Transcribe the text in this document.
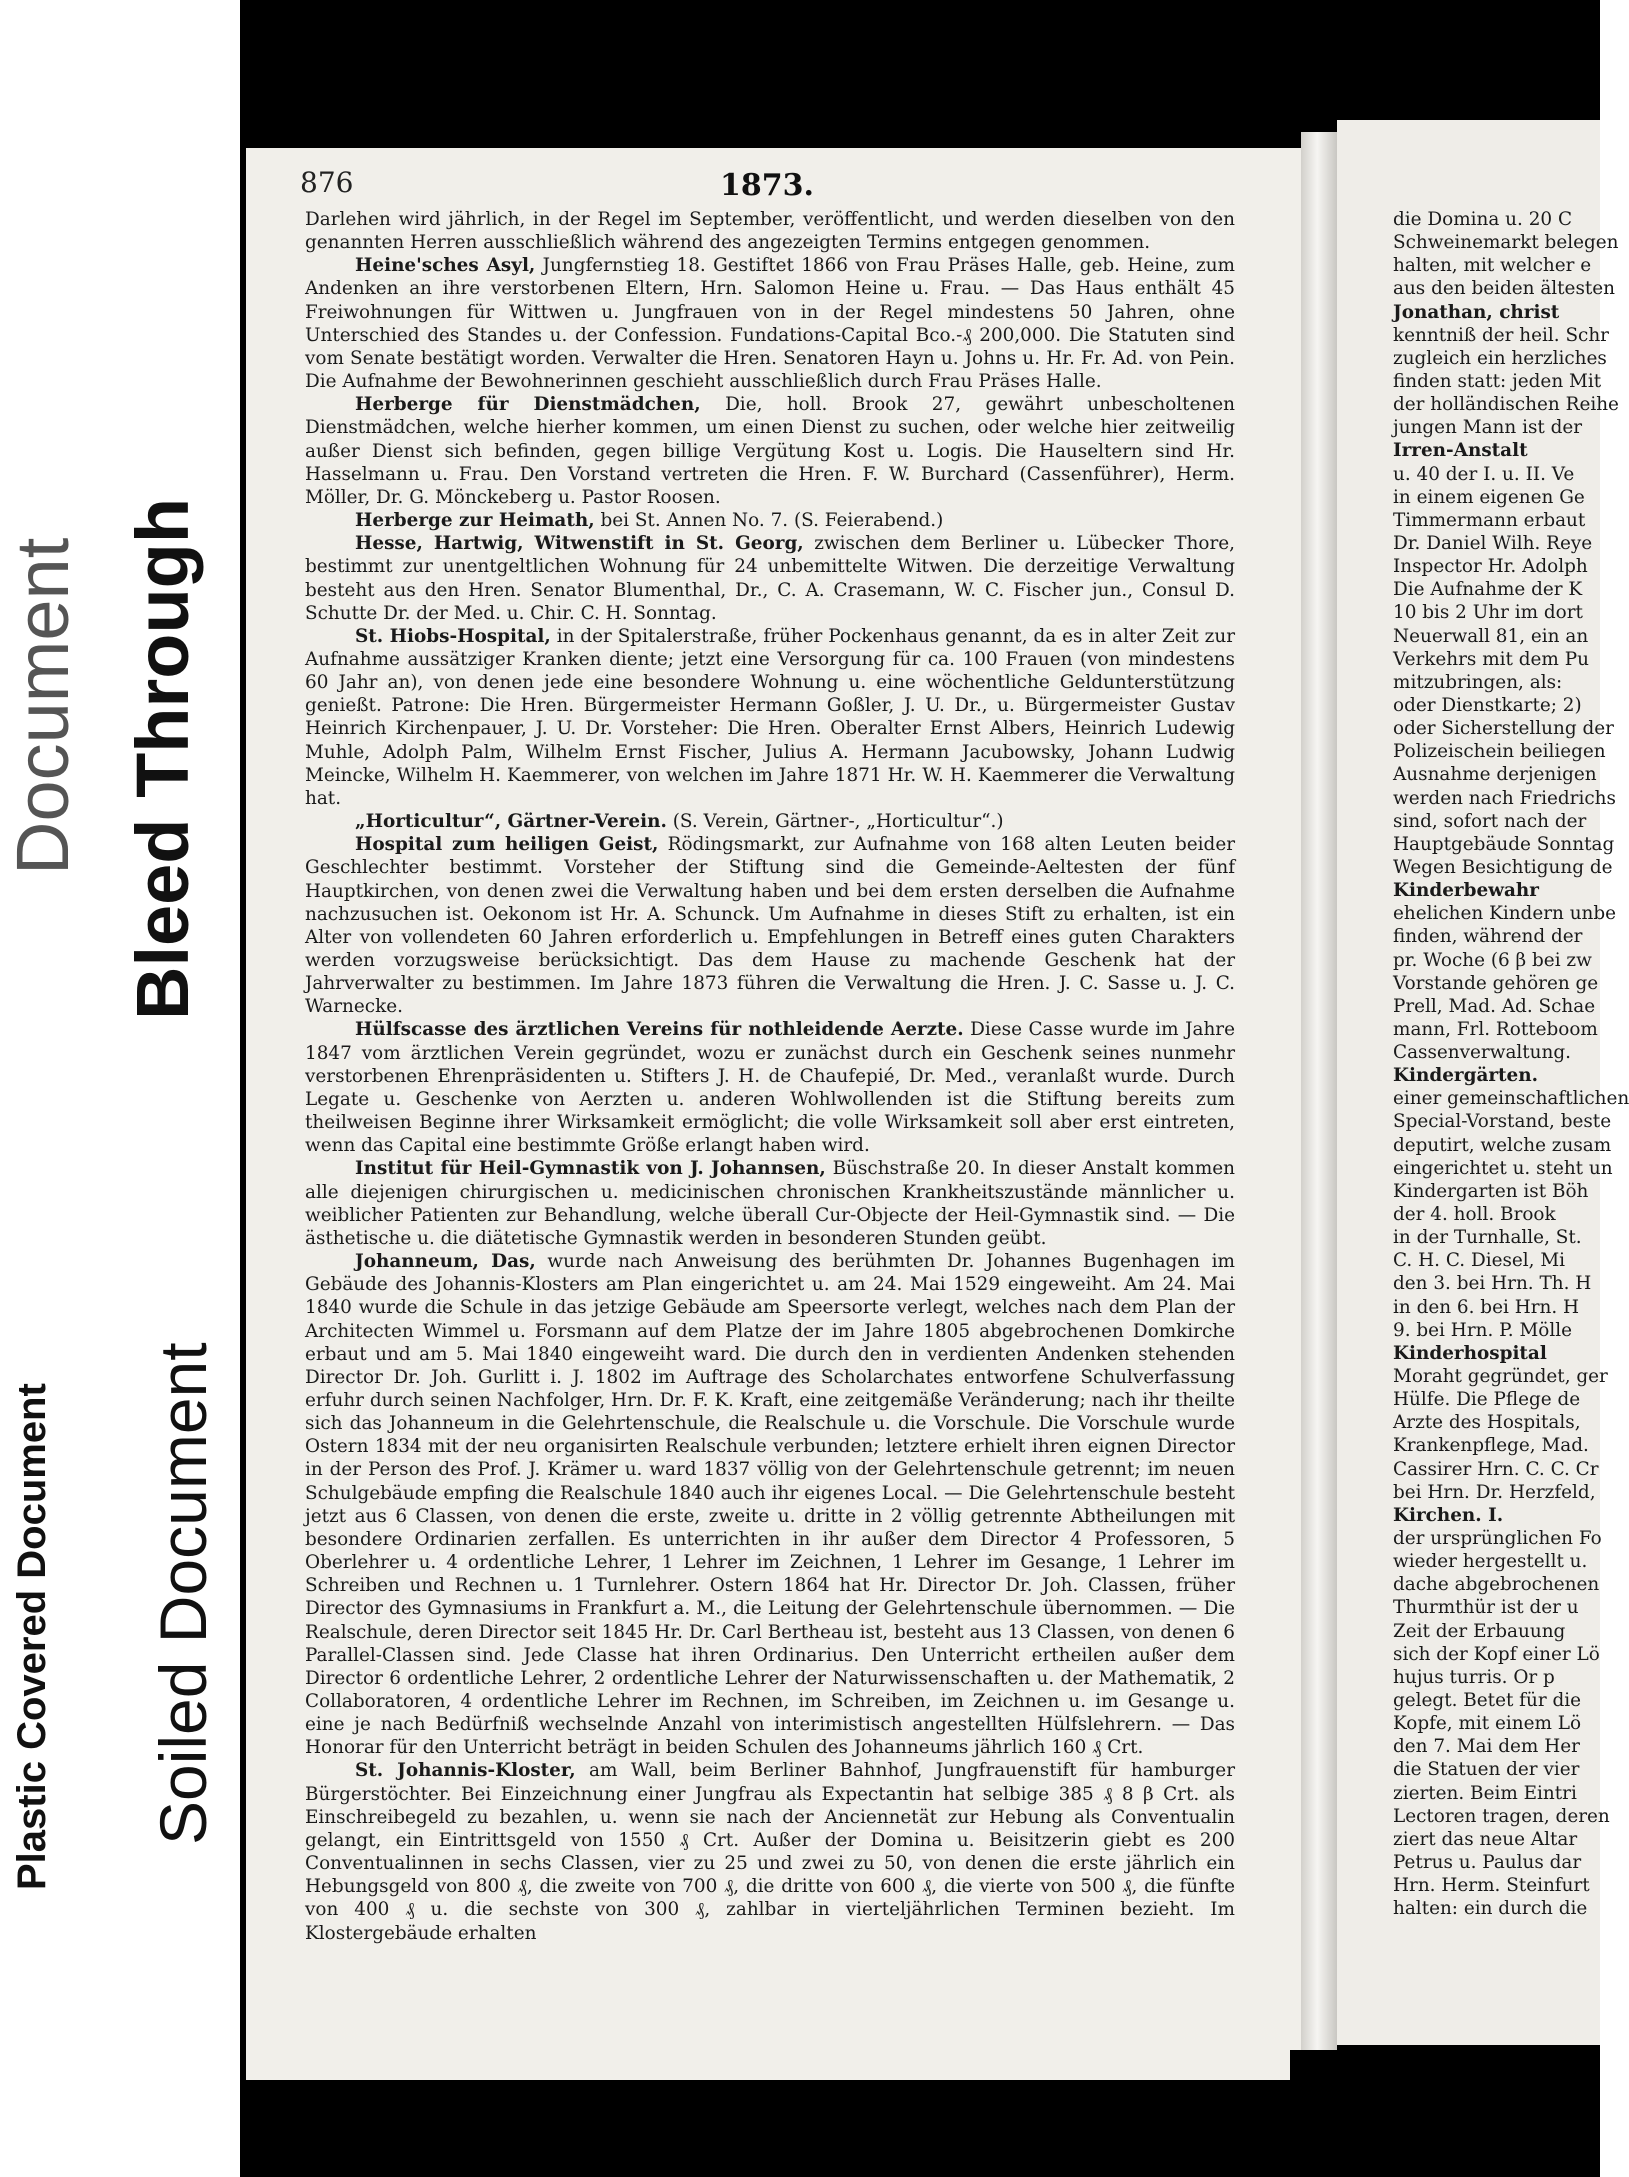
Document Bleed Through
Plastic Covered Document Soiled Document
876	1873.

Darlehen wird jährlich, in der Regel im September, veröffentlicht, und werden dieselben von den genannten Herren ausschließlich während des angezeigten Termins entgegen genommen.

Heine'sches Asyl, Jungfernstieg 18. Gestiftet 1866 von Frau Präses Halle, geb. Heine, zum Andenken an ihre verstorbenen Eltern, Hrn. Salomon Heine u. Frau. — Das Haus enthält 45 Freiwohnungen für Wittwen u. Jungfrauen von in der Regel mindestens 50 Jahren, ohne Unterschied des Standes u. der Confession. Fundations-Capital Bco.-₰ 200,000. Die Statuten sind vom Senate bestätigt worden. Verwalter die Hren. Senatoren Hayn u. Johns u. Hr. Fr. Ad. von Pein. Die Aufnahme der Bewohnerinnen geschieht ausschließlich durch Frau Präses Halle.

Herberge für Dienstmädchen, Die, holl. Brook 27, gewährt unbescholtenen Dienstmädchen, welche hierher kommen, um einen Dienst zu suchen, oder welche hier zeitweilig außer Dienst sich befinden, gegen billige Vergütung Kost u. Logis. Die Hauseltern sind Hr. Hasselmann u. Frau. Den Vorstand vertreten die Hren. F. W. Burchard (Cassenführer), Herm. Möller, Dr. G. Mönckeberg u. Pastor Roosen.

Herberge zur Heimath, bei St. Annen No. 7. (S. Feierabend.)

Hesse, Hartwig, Witwenstift in St. Georg, zwischen dem Berliner u. Lübecker Thore, bestimmt zur unentgeltlichen Wohnung für 24 unbemittelte Witwen. Die derzeitige Verwaltung besteht aus den Hren. Senator Blumenthal, Dr., C. A. Crasemann, W. C. Fischer jun., Consul D. Schutte Dr. der Med. u. Chir. C. H. Sonntag.

St. Hiobs-Hospital, in der Spitalerstraße, früher Pockenhaus genannt, da es in alter Zeit zur Aufnahme aussätziger Kranken diente; jetzt eine Versorgung für ca. 100 Frauen (von mindestens 60 Jahr an), von denen jede eine besondere Wohnung u. eine wöchentliche Geldunterstützung genießt. Patrone: Die Hren. Bürgermeister Hermann Goßler, J. U. Dr., u. Bürgermeister Gustav Heinrich Kirchenpauer, J. U. Dr. Vorsteher: Die Hren. Oberalter Ernst Albers, Heinrich Ludewig Muhle, Adolph Palm, Wilhelm Ernst Fischer, Julius A. Hermann Jacubowsky, Johann Ludwig Meincke, Wilhelm H. Kaemmerer, von welchen im Jahre 1871 Hr. W. H. Kaemmerer die Verwaltung hat.

„Horticultur“, Gärtner-Verein. (S. Verein, Gärtner-, „Horticultur“.)

Hospital zum heiligen Geist, Rödingsmarkt, zur Aufnahme von 168 alten Leuten beider Geschlechter bestimmt. Vorsteher der Stiftung sind die Gemeinde-Aeltesten der fünf Hauptkirchen, von denen zwei die Verwaltung haben und bei dem ersten derselben die Aufnahme nachzusuchen ist. Oekonom ist Hr. A. Schunck. Um Aufnahme in dieses Stift zu erhalten, ist ein Alter von vollendeten 60 Jahren erforderlich u. Empfehlungen in Betreff eines guten Charakters werden vorzugsweise berücksichtigt. Das dem Hause zu machende Geschenk hat der Jahrverwalter zu bestimmen. Im Jahre 1873 führen die Verwaltung die Hren. J. C. Sasse u. J. C. Warnecke.

Hülfscasse des ärztlichen Vereins für nothleidende Aerzte. Diese Casse wurde im Jahre 1847 vom ärztlichen Verein gegründet, wozu er zunächst durch ein Geschenk seines nunmehr verstorbenen Ehrenpräsidenten u. Stifters J. H. de Chaufepié, Dr. Med., veranlaßt wurde. Durch Legate u. Geschenke von Aerzten u. anderen Wohlwollenden ist die Stiftung bereits zum theilweisen Beginne ihrer Wirksamkeit ermöglicht; die volle Wirksamkeit soll aber erst eintreten, wenn das Capital eine bestimmte Größe erlangt haben wird.

Institut für Heil-Gymnastik von J. Johannsen, Büschstraße 20. In dieser Anstalt kommen alle diejenigen chirurgischen u. medicinischen chronischen Krankheitszustände männlicher u. weiblicher Patienten zur Behandlung, welche überall Cur-Objecte der Heil-Gymnastik sind. — Die ästhetische u. die diätetische Gymnastik werden in besonderen Stunden geübt.

Johanneum, Das, wurde nach Anweisung des berühmten Dr. Johannes Bugenhagen im Gebäude des Johannis-Klosters am Plan eingerichtet u. am 24. Mai 1529 eingeweiht. Am 24. Mai 1840 wurde die Schule in das jetzige Gebäude am Speersorte verlegt, welches nach dem Plan der Architecten Wimmel u. Forsmann auf dem Platze der im Jahre 1805 abgebrochenen Domkirche erbaut und am 5. Mai 1840 eingeweiht ward. Die durch den in verdienten Andenken stehenden Director Dr. Joh. Gurlitt i. J. 1802 im Auftrage des Scholarchates entworfene Schulverfassung erfuhr durch seinen Nachfolger, Hrn. Dr. F. K. Kraft, eine zeitgemäße Veränderung; nach ihr theilte sich das Johanneum in die Gelehrtenschule, die Realschule u. die Vorschule. Die Vorschule wurde Ostern 1834 mit der neu organisirten Realschule verbunden; letztere erhielt ihren eignen Director in der Person des Prof. J. Krämer u. ward 1837 völlig von der Gelehrtenschule getrennt; im neuen Schulgebäude empfing die Realschule 1840 auch ihr eigenes Local. — Die Gelehrtenschule besteht jetzt aus 6 Classen, von denen die erste, zweite u. dritte in 2 völlig getrennte Abtheilungen mit besondere Ordinarien zerfallen. Es unterrichten in ihr außer dem Director 4 Professoren, 5 Oberlehrer u. 4 ordentliche Lehrer, 1 Lehrer im Zeichnen, 1 Lehrer im Gesange, 1 Lehrer im Schreiben und Rechnen u. 1 Turnlehrer. Ostern 1864 hat Hr. Director Dr. Joh. Classen, früher Director des Gymnasiums in Frankfurt a. M., die Leitung der Gelehrtenschule übernommen. — Die Realschule, deren Director seit 1845 Hr. Dr. Carl Bertheau ist, besteht aus 13 Classen, von denen 6 Parallel-Classen sind. Jede Classe hat ihren Ordinarius. Den Unterricht ertheilen außer dem Director 6 ordentliche Lehrer, 2 ordentliche Lehrer der Naturwissenschaften u. der Mathematik, 2 Collaboratoren, 4 ordentliche Lehrer im Rechnen, im Schreiben, im Zeichnen u. im Gesange u. eine je nach Bedürfniß wechselnde Anzahl von interimistisch angestellten Hülfslehrern. — Das Honorar für den Unterricht beträgt in beiden Schulen des Johanneums jährlich 160 ₰ Crt.

St. Johannis-Kloster, am Wall, beim Berliner Bahnhof, Jungfrauenstift für hamburger Bürgerstöchter. Bei Einzeichnung einer Jungfrau als Expectantin hat selbige 385 ₰ 8 β Crt. als Einschreibegeld zu bezahlen, u. wenn sie nach der Anciennetät zur Hebung als Conventualin gelangt, ein Eintrittsgeld von 1550 ₰ Crt. Außer der Domina u. Beisitzerin giebt es 200 Conventualinnen in sechs Classen, vier zu 25 und zwei zu 50, von denen die erste jährlich ein Hebungsgeld von 800 ₰, die zweite von 700 ₰, die dritte von 600 ₰, die vierte von 500 ₰, die fünfte von 400 ₰ u. die sechste von 300 ₰, zahlbar in vierteljährlichen Terminen bezieht. Im Klostergebäude erhalten

die Domina u. 20 C
Schweinemarkt belegen
halten, mit welcher e
aus den beiden ältesten
Jonathan, christ
kenntniß der heil. Schr
zugleich ein herzliches
finden statt: jeden Mit
der holländischen Reihe
jungen Mann ist der
Irren-Anstalt
u. 40 der I. u. II. Ve
in einem eigenen Ge
Timmermann erbaut
Dr. Daniel Wilh. Reye
Inspector Hr. Adolph
Die Aufnahme der K
10 bis 2 Uhr im dort
Neuerwall 81, ein an
Verkehrs mit dem Pu
mitzubringen, als:
oder Dienstkarte; 2)
oder Sicherstellung der
Polizeischein beiliegen
Ausnahme derjenigen
werden nach Friedrichs
sind, sofort nach der
Hauptgebäude Sonntag
Wegen Besichtigung de
Kinderbewahr
ehelichen Kindern unbe
finden, während der
pr. Woche (6 β bei zw
Vorstande gehören ge
Prell, Mad. Ad. Schae
mann, Frl. Rotteboom
Cassenverwaltung.
Kindergärten.
einer gemeinschaftlichen
Special-Vorstand, beste
deputirt, welche zusam
eingerichtet u. steht un
Kindergarten ist Böh
der 4. holl. Brook
in der Turnhalle, St.
C. H. C. Diesel, Mi
den 3. bei Hrn. Th. H
in den 6. bei Hrn. H
9. bei Hrn. P. Mölle
Kinderhospital
Moraht gegründet, ger
Hülfe. Die Pflege de
Arzte des Hospitals,
Krankenpflege, Mad.
Cassirer Hrn. C. C. Cr
bei Hrn. Dr. Herzfeld,
Kirchen. I.
der ursprünglichen Fo
wieder hergestellt u.
dache abgebrochenen
Thurmthür ist der u
Zeit der Erbauung
sich der Kopf einer Lö
hujus turris. Or p
gelegt. Betet für die
Kopfe, mit einem Lö
den 7. Mai dem Her
die Statuen der vier
zierten. Beim Eintri
Lectoren tragen, deren
ziert das neue Altar
Petrus u. Paulus dar
Hrn. Herm. Steinfurt
halten: ein durch die
